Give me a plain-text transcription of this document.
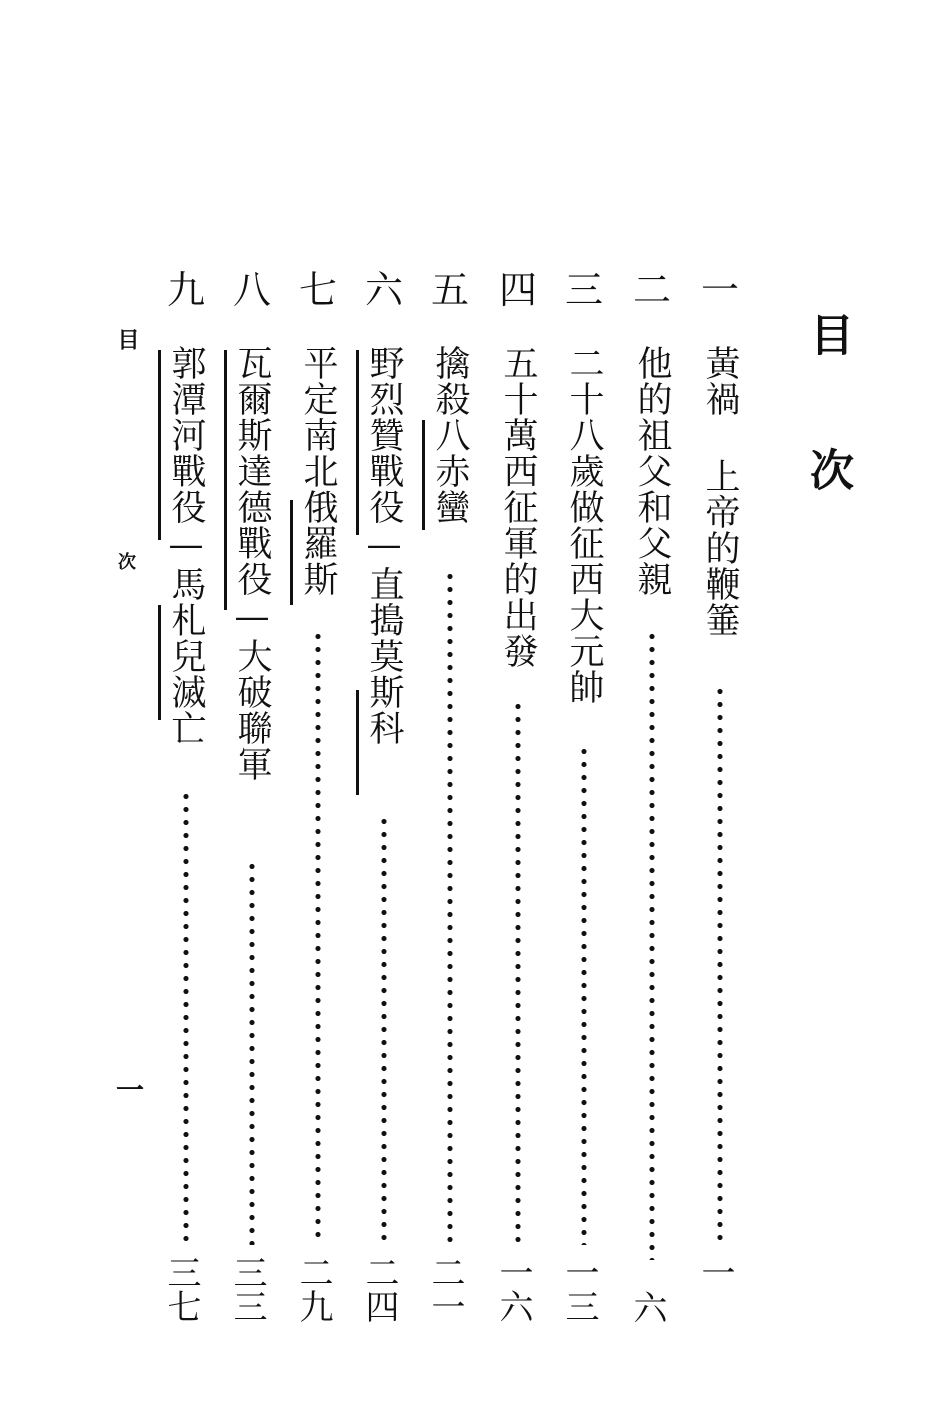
目 次
一
黃禍 上帝的鞭箠
一
二
他的祖父和父親
六
三
二十八歲做征西大元帥
一三
四
五十萬西征軍的出發
一六
五
擒殺八赤蠻
二一
六
野烈贊戰役—直搗莫斯科
二四
七
平定南北俄羅斯
二九
八
瓦爾斯達德戰役—大破聯軍
三三
九
郭潭河戰役—馬札兒滅亡
三七
目
次
一
